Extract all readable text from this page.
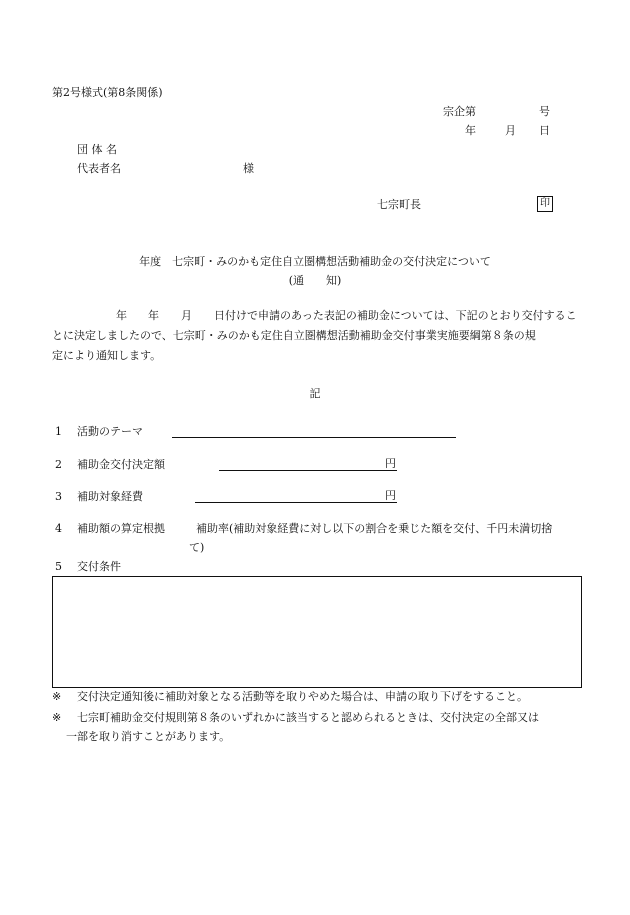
第2号様式(第8条関係)
宗企第	号
年	月 日
団 体 名
代表者名	様
七宗町長	印
年度　七宗町・みのかも定住自立圏構想活動補助金の交付決定について
(通　　知)
年 年　　月　　日付けで申請のあった表記の補助金については、下記のとおり交付するこ
とに決定しましたので、七宗町・みのかも定住自立圏構想活動補助金交付事業実施要綱第８条の規
定により通知します。
記
1 活動のテーマ
2 補助金交付決定額	円
3 補助対象経費	円
4 補助額の算定根拠	補助率(補助対象経費に対し以下の割合を乗じた額を交付、千円未満切捨
て)
5 交付条件
※ 交付決定通知後に補助対象となる活動等を取りやめた場合は、申請の取り下げをすること。
※ 七宗町補助金交付規則第８条のいずれかに該当すると認められるときは、交付決定の全部又は
一部を取り消すことがあります。
